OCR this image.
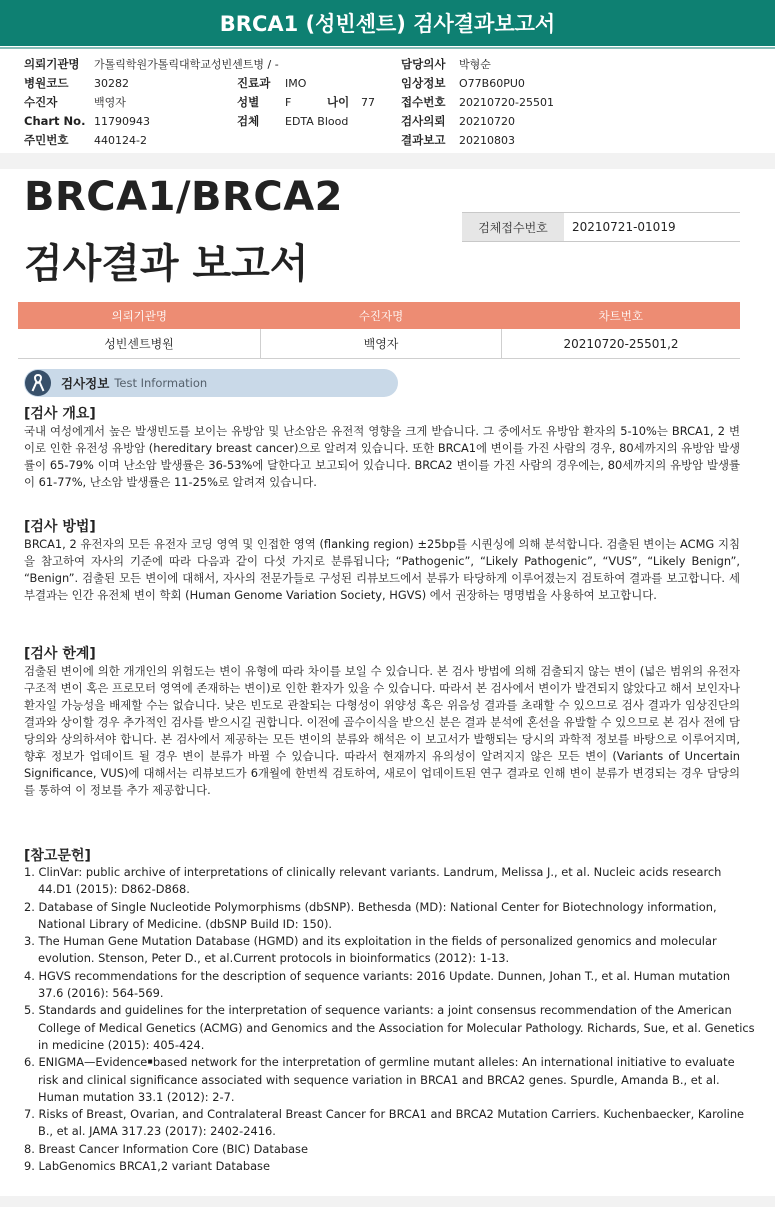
BRCA1 (성빈센트) 검사결과보고서
의뢰기관명 가톨릭학원가톨릭대학교성빈센트병 / -
병원코드 30282
수진자	백영자
Chart No. 11790943
주민번호 440124-2
진료과 IMO
성별 F	나이 77
검체 EDTA Blood
담당의사 박형순
임상정보 O77B60PU0
접수번호 20210720-25501
검사의뢰 20210720
결과보고 20210803
BRCA1/BRCA2
검사결과 보고서
검체접수번호	20210721-01019
의뢰기관명	수진자명	차트번호
성빈센트병원	백영자	20210720-25501,2
검사정보 Test Information
[검사 개요]
국내 여성에게서 높은 발생빈도를 보이는 유방암 및 난소암은 유전적 영향을 크게 받습니다. 그 중에서도 유방암 환자의 5-10%는 BRCA1, 2 변이로 인한 유전성 유방암 (hereditary breast cancer)으로 알려져 있습니다. 또한 BRCA1에 변이를 가진 사람의 경우, 80세까지의 유방암 발생률이 65-79% 이며 난소암 발생률은 36-53%에 달한다고 보고되어 있습니다. BRCA2 변이를 가진 사람의 경우에는, 80세까지의 유방암 발생률이 61-77%, 난소암 발생률은 11-25%로 알려져 있습니다.
[검사 방법]
BRCA1, 2 유전자의 모든 유전자 코딩 영역 및 인접한 영역 (flanking region) ±25bp를 시퀀싱에 의해 분석합니다. 검출된 변이는 ACMG 지침을 참고하여 자사의 기준에 따라 다음과 같이 다섯 가지로 분류됩니다; “Pathogenic”, “Likely Pathogenic”, “VUS”, “Likely Benign”, “Benign”. 검출된 모든 변이에 대해서, 자사의 전문가들로 구성된 리뷰보드에서 분류가 타당하게 이루어졌는지 검토하여 결과를 보고합니다. 세부결과는 인간 유전체 변이 학회 (Human Genome Variation Society, HGVS) 에서 권장하는 명명법을 사용하여 보고합니다.
[검사 한계]
검출된 변이에 의한 개개인의 위험도는 변이 유형에 따라 차이를 보일 수 있습니다. 본 검사 방법에 의해 검출되지 않는 변이 (넓은 범위의 유전자 구조적 변이 혹은 프로모터 영역에 존재하는 변이)로 인한 환자가 있을 수 있습니다. 따라서 본 검사에서 변이가 발견되지 않았다고 해서 보인자나 환자일 가능성을 배제할 수는 없습니다. 낮은 빈도로 관찰되는 다형성이 위양성 혹은 위음성 결과를 초래할 수 있으므로 검사 결과가 임상진단의 결과와 상이할 경우 추가적인 검사를 받으시길 권합니다. 이전에 골수이식을 받으신 분은 결과 분석에 혼선을 유발할 수 있으므로 본 검사 전에 담당의와 상의하셔야 합니다. 본 검사에서 제공하는 모든 변이의 분류와 해석은 이 보고서가 발행되는 당시의 과학적 정보를 바탕으로 이루어지며, 향후 정보가 업데이트 될 경우 변이 분류가 바뀔 수 있습니다. 따라서 현재까지 유의성이 알려지지 않은 모든 변이 (Variants of Uncertain Significance, VUS)에 대해서는 리뷰보드가 6개월에 한번씩 검토하여, 새로이 업데이트된 연구 결과로 인해 변이 분류가 변경되는 경우 담당의를 통하여 이 정보를 추가 제공합니다.
[참고문헌]
1. ClinVar: public archive of interpretations of clinically relevant variants. Landrum, Melissa J., et al. Nucleic acids research 44.D1 (2015): D862-D868.
2. Database of Single Nucleotide Polymorphisms (dbSNP). Bethesda (MD): National Center for Biotechnology information, National Library of Medicine. (dbSNP Build ID: 150).
3. The Human Gene Mutation Database (HGMD) and its exploitation in the fields of personalized genomics and molecular evolution. Stenson, Peter D., et al.Current protocols in bioinformatics (2012): 1-13.
4. HGVS recommendations for the description of sequence variants: 2016 Update. Dunnen, Johan T., et al. Human mutation 37.6 (2016): 564-569.
5. Standards and guidelines for the interpretation of sequence variants: a joint consensus recommendation of the American College of Medical Genetics (ACMG) and Genomics and the Association for Molecular Pathology. Richards, Sue, et al. Genetics in medicine (2015): 405-424.
6. ENIGMA—Evidence￭based network for the interpretation of germline mutant alleles: An international initiative to evaluate risk and clinical significance associated with sequence variation in BRCA1 and BRCA2 genes. Spurdle, Amanda B., et al. Human mutation 33.1 (2012): 2-7.
7. Risks of Breast, Ovarian, and Contralateral Breast Cancer for BRCA1 and BRCA2 Mutation Carriers. Kuchenbaecker, Karoline B., et al. JAMA 317.23 (2017): 2402-2416.
8. Breast Cancer Information Core (BIC) Database
9. LabGenomics BRCA1,2 variant Database
